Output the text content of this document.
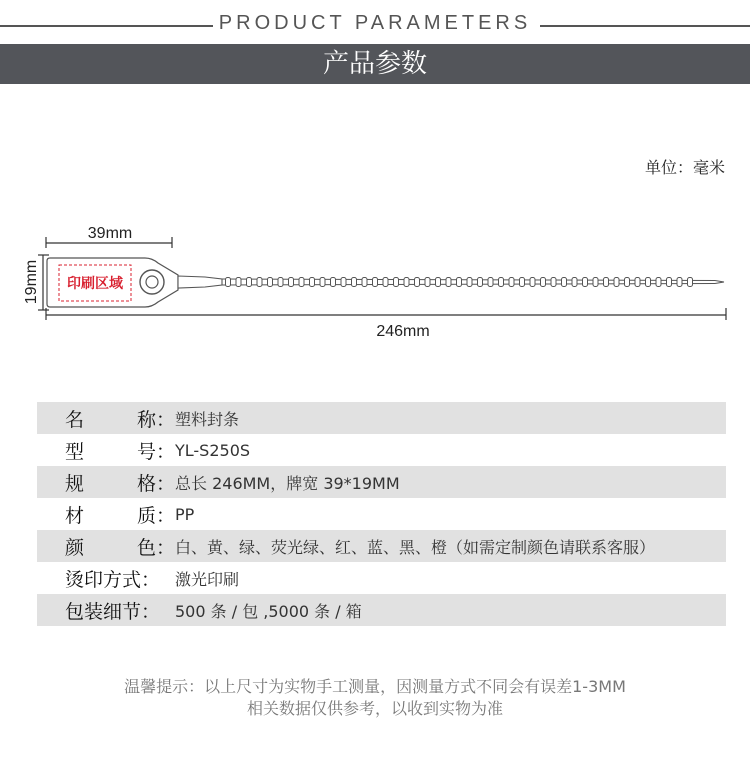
PRODUCT PARAMETERS
产品参数
单位：毫米
39mm
19mm 印刷区域
246mm
名	称： 塑料封条
型	号： YL-S250S
规	格： 总长 246MM，牌宽 39*19MM
材	质： PP
颜	色： 白、黄、绿、荧光绿、红、蓝、黑、橙（如需定制颜色请联系客服）
烫印方式： 激光印刷
包装细节： 500 条 / 包 ,5000 条 / 箱
温馨提示：以上尺寸为实物手工测量，因测量方式不同会有误差1-3MM
相关数据仅供参考，以收到实物为准
